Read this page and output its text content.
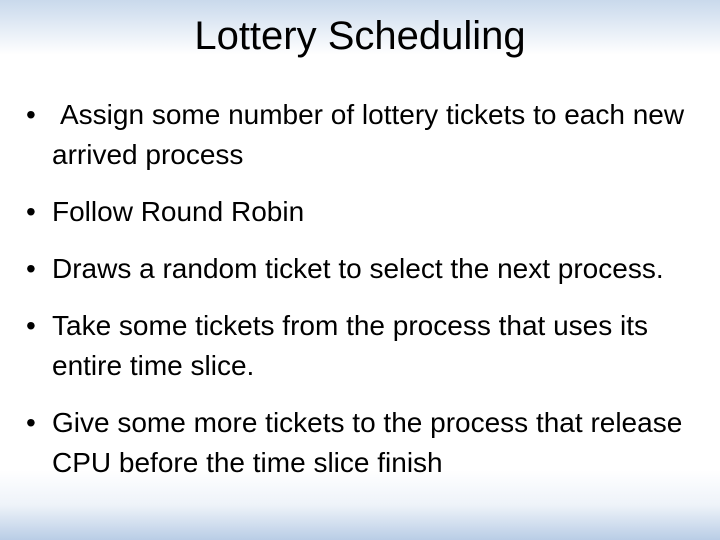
Lottery Scheduling
• Assign some number of lottery tickets to each new arrived process
• Follow Round Robin
• Draws a random ticket to select the next process.
• Take some tickets from the process that uses its entire time slice.
• Give some more tickets to the process that release CPU before the time slice finish
